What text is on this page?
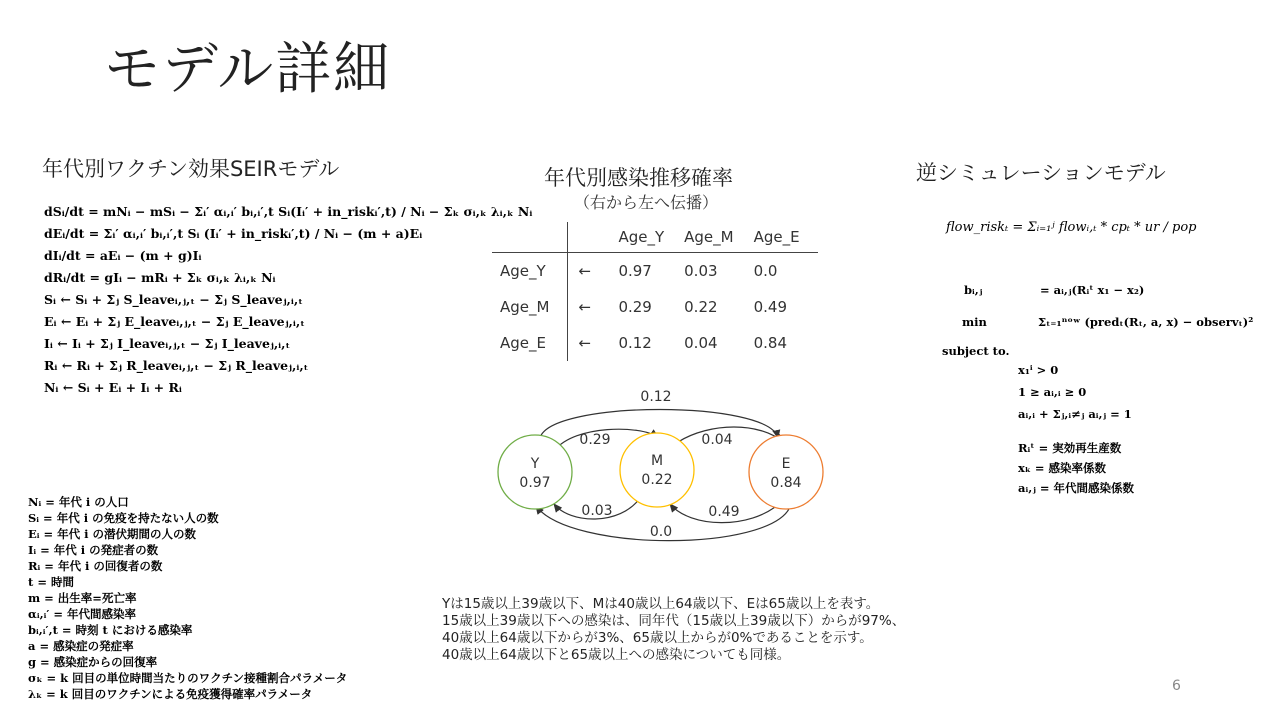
モデル詳細
年代別ワクチン効果SEIRモデル
dSᵢ/dt = mNᵢ − mSᵢ − Σᵢ′ αᵢ,ᵢ′ bᵢ,ᵢ′,t Sᵢ(Iᵢ′ + in_riskᵢ′,t) / Nᵢ − Σₖ σᵢ,ₖ λᵢ,ₖ Nᵢ
dEᵢ/dt = Σᵢ′ αᵢ,ᵢ′ bᵢ,ᵢ′,t Sᵢ (Iᵢ′ + in_riskᵢ′,t) / Nᵢ − (m + a)Eᵢ
dIᵢ/dt = aEᵢ − (m + g)Iᵢ
dRᵢ/dt = gIᵢ − mRᵢ + Σₖ σᵢ,ₖ λᵢ,ₖ Nᵢ
Sᵢ ← Sᵢ + Σⱼ S_leaveᵢ,ⱼ,ₜ − Σⱼ S_leaveⱼ,ᵢ,ₜ
Eᵢ ← Eᵢ + Σⱼ E_leaveᵢ,ⱼ,ₜ − Σⱼ E_leaveⱼ,ᵢ,ₜ
Iᵢ ← Iᵢ + Σⱼ I_leaveᵢ,ⱼ,ₜ − Σⱼ I_leaveⱼ,ᵢ,ₜ
Rᵢ ← Rᵢ + Σⱼ R_leaveᵢ,ⱼ,ₜ − Σⱼ R_leaveⱼ,ᵢ,ₜ
Nᵢ ← Sᵢ + Eᵢ + Iᵢ + Rᵢ
Nᵢ = 年代 i の人口
Sᵢ = 年代 i の免疫を持たない人の数
Eᵢ = 年代 i の潜伏期間の人の数
Iᵢ = 年代 i の発症者の数
Rᵢ = 年代 i の回復者の数
t = 時間
m = 出生率=死亡率
αᵢ,ᵢ′ = 年代間感染率
bᵢ,ᵢ′,t = 時刻 t における感染率
a = 感染症の発症率
g = 感染症からの回復率
σₖ = k 回目の単位時間当たりのワクチン接種割合パラメータ
λₖ = k 回目のワクチンによる免疫獲得確率パラメータ
年代別感染推移確率
（右から左へ伝播）
		Age_Y	Age_M	Age_E
Age_Y	←	0.97	0.03	0.0
Age_M	←	0.29	0.22	0.49
Age_E	←	0.12	0.04	0.84
0.12
0.29	0.04
0.03	0.49
0.0
Y
0.97
M
0.22
E
0.84
Yは15歳以上39歳以下、Mは40歳以上64歳以下、Eは65歳以上を表す。
15歳以上39歳以下への感染は、同年代（15歳以上39歳以下）からが97%、
40歳以上64歳以下からが3%、65歳以上からが0%であることを示す。
40歳以上64歳以下と65歳以上への感染についても同様。
6
逆シミュレーションモデル
flow_riskₜ = Σᵢ₌₁ʲ flowᵢ,ₜ * cpₜ * ur / pop
bᵢ,ⱼ	= aᵢ,ⱼ(Rᵢᵗ x₁ − x₂)
min	Σₜ₌₁ⁿᵒʷ (predₜ(Rₜ, a, x) − observₜ)²
subject to.
x₁ⁱ > 0
1 ≥ aᵢ,ᵢ ≥ 0
aᵢ,ᵢ + Σⱼ,ᵢ≠ⱼ aᵢ,ⱼ = 1
Rᵢᵗ = 実効再生産数
xₖ = 感染率係数
aᵢ,ⱼ = 年代間感染係数
